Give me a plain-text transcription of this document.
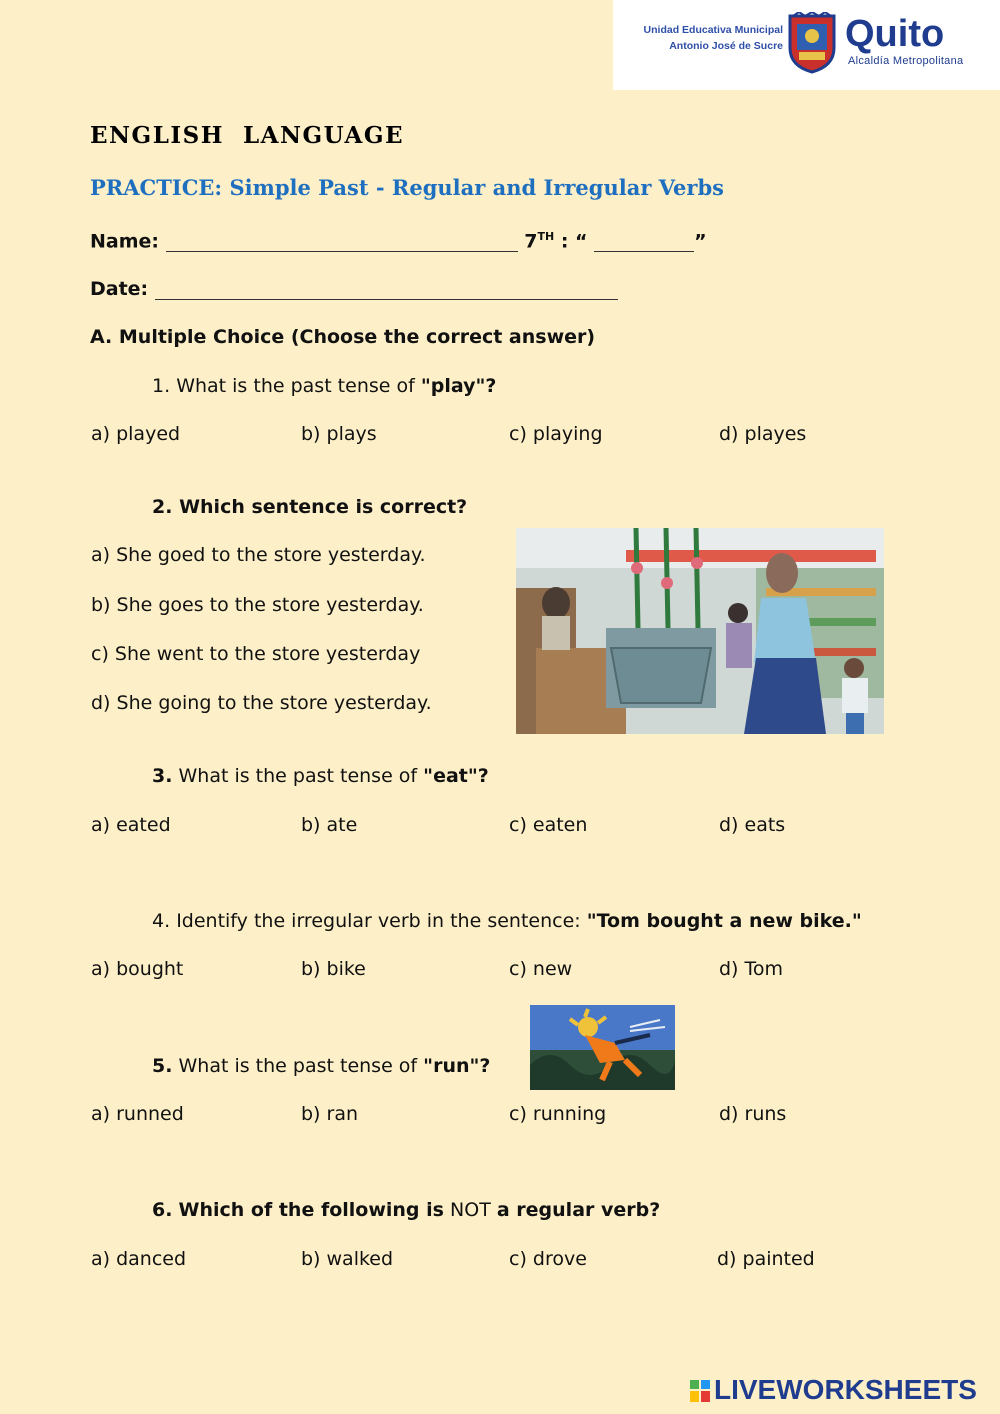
Unidad Educativa Municipal
Antonio José de Sucre Quito
Alcaldía Metropolitana
ENGLISH  LANGUAGE
PRACTICE: Simple Past - Regular and Irregular Verbs
Name:	7TH : “	”
Date:
A. Multiple Choice (Choose the correct answer)
1. What is the past tense of "play"?
a) played	b) plays	c) playing	d) playes
2. Which sentence is correct?
a) She goed to the store yesterday.
b) She goes to the store yesterday.
c) She went to the store yesterday
d) She going to the store yesterday.
3. What is the past tense of "eat"?
a) eated	b) ate	c) eaten	d) eats
4. Identify the irregular verb in the sentence: "Tom bought a new bike."
a) bought	b) bike	c) new	d) Tom
5. What is the past tense of "run"?
a) runned	b) ran	c) running	d) runs
6. Which of the following is NOT a regular verb?
a) danced	b) walked	c) drove	d) painted
LIVEWORKSHEETS
